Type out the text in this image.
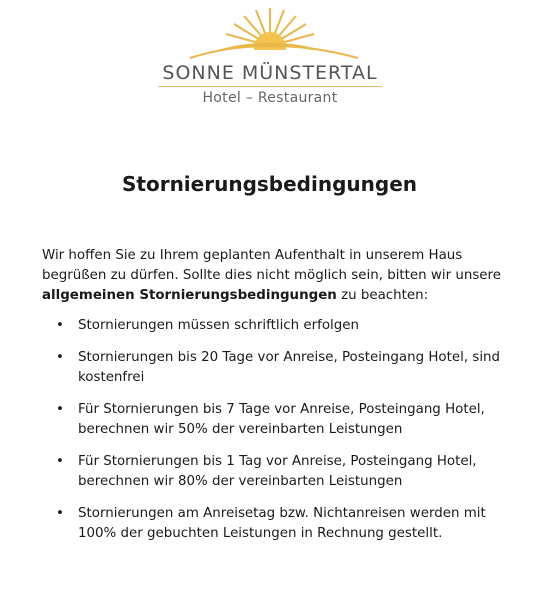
SONNE MÜNSTERTAL
Hotel – Restaurant
Stornierungsbedingungen

Wir hoffen Sie zu Ihrem geplanten Aufenthalt in unserem Haus begrüßen zu dürfen. Sollte dies nicht möglich sein, bitten wir unsere allgemeinen Stornierungsbedingungen zu beachten:

• Stornierungen müssen schriftlich erfolgen
• Stornierungen bis 20 Tage vor Anreise, Posteingang Hotel, sind kostenfrei
• Für Stornierungen bis 7 Tage vor Anreise, Posteingang Hotel, berechnen wir 50% der vereinbarten Leistungen
• Für Stornierungen bis 1 Tag vor Anreise, Posteingang Hotel, berechnen wir 80% der vereinbarten Leistungen
• Stornierungen am Anreisetag bzw. Nichtanreisen werden mit 100% der gebuchten Leistungen in Rechnung gestellt.
